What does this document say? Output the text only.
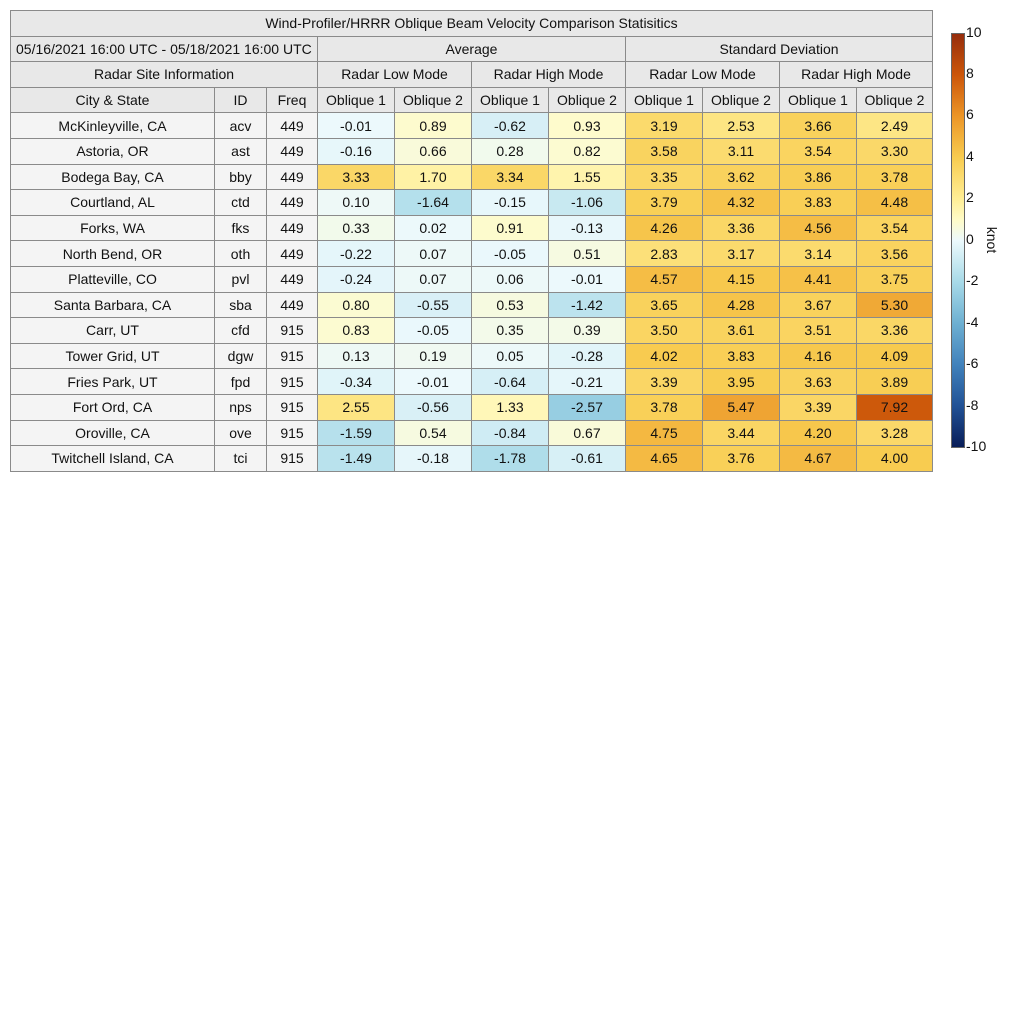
Wind-Profiler/HRRR Oblique Beam Velocity Comparison Statisitics										
05/16/2021 16:00 UTC - 05/18/2021 16:00 UTC			Average				Standard Deviation			
Radar Site Information			Radar Low Mode		Radar High Mode		Radar Low Mode		Radar High Mode	
City & State	ID	Freq	Oblique 1	Oblique 2	Oblique 1	Oblique 2	Oblique 1	Oblique 2	Oblique 1	Oblique 2
McKinleyville, CA	acv	449	-0.01	0.89	-0.62	0.93	3.19	2.53	3.66	2.49
Astoria, OR	ast	449	-0.16	0.66	0.28	0.82	3.58	3.11	3.54	3.30
Bodega Bay, CA	bby	449	3.33	1.70	3.34	1.55	3.35	3.62	3.86	3.78
Courtland, AL	ctd	449	0.10	-1.64	-0.15	-1.06	3.79	4.32	3.83	4.48
Forks, WA	fks	449	0.33	0.02	0.91	-0.13	4.26	3.36	4.56	3.54
North Bend, OR	oth	449	-0.22	0.07	-0.05	0.51	2.83	3.17	3.14	3.56
Platteville, CO	pvl	449	-0.24	0.07	0.06	-0.01	4.57	4.15	4.41	3.75
Santa Barbara, CA	sba	449	0.80	-0.55	0.53	-1.42	3.65	4.28	3.67	5.30
Carr, UT	cfd	915	0.83	-0.05	0.35	0.39	3.50	3.61	3.51	3.36
Tower Grid, UT	dgw	915	0.13	0.19	0.05	-0.28	4.02	3.83	4.16	4.09
Fries Park, UT	fpd	915	-0.34	-0.01	-0.64	-0.21	3.39	3.95	3.63	3.89
Fort Ord, CA	nps	915	2.55	-0.56	1.33	-2.57	3.78	5.47	3.39	7.92
Oroville, CA	ove	915	-1.59	0.54	-0.84	0.67	4.75	3.44	4.20	3.28
Twitchell Island, CA	tci	915	-1.49	-0.18	-1.78	-0.61	4.65	3.76	4.67	4.00
10
8
6
4
2
0
-2
-4
-6
-8
-10
knot
